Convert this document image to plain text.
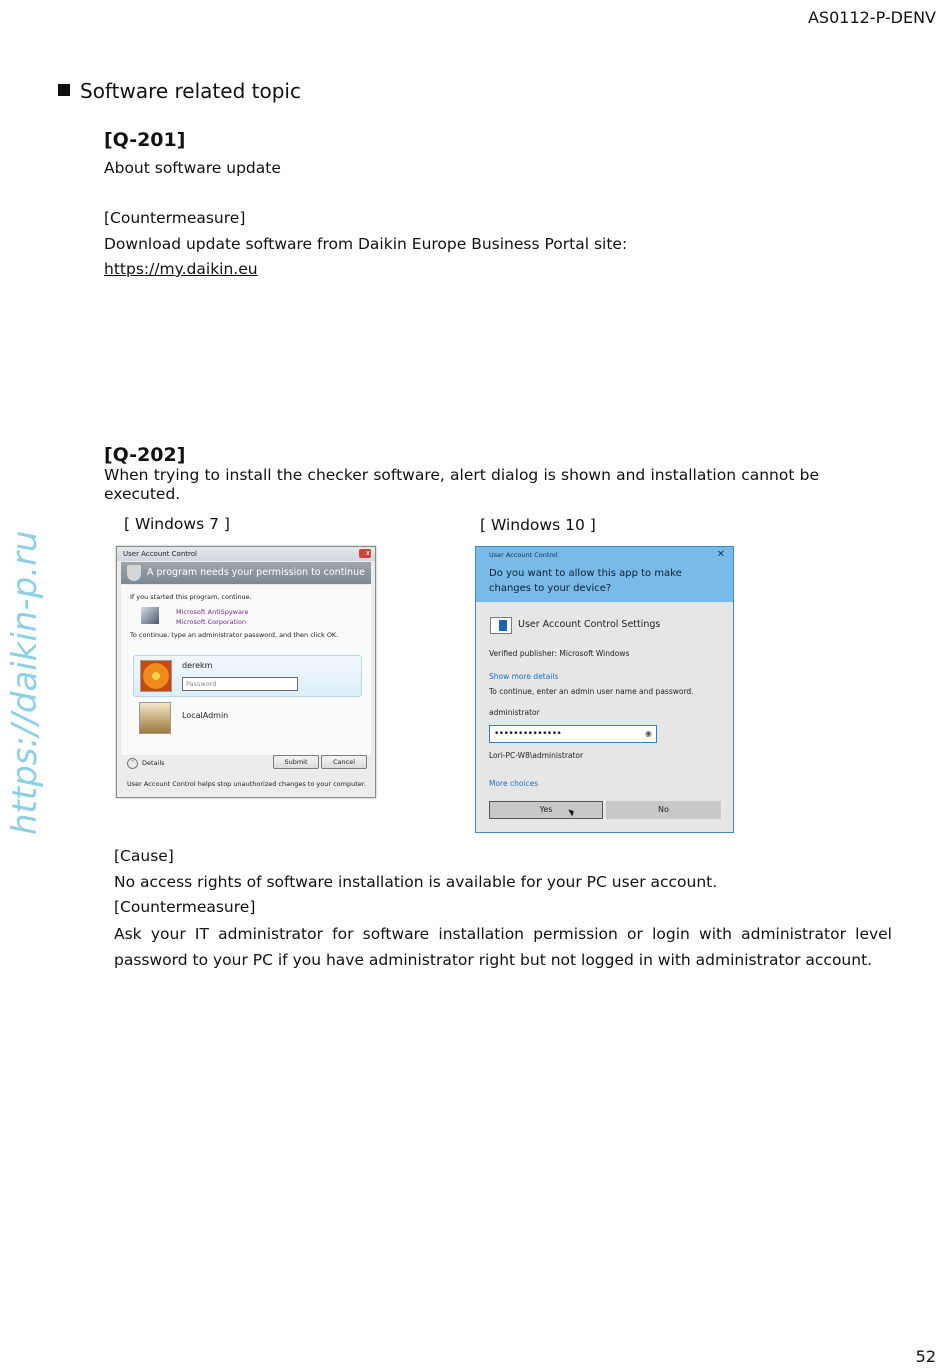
AS0112-P-DENV
https://daikin-p.ru
Software related topic
[Q-201]
About software update
[Countermeasure]
Download update software from Daikin Europe Business Portal site:
https://my.daikin.eu
[Q-202]
When trying to install the checker software, alert dialog is shown and installation cannot be executed.
[ Windows 7 ]	[ Windows 10 ]
User Account Control	x
A program needs your permission to continue
If you started this program, continue.
Microsoft AntiSpyware
Microsoft Corporation
To continue, type an administrator password, and then click OK.
derekm
Password
LocalAdmin
˅	Details	Submit	Cancel
User Account Control helps stop unauthorized changes to your computer.
User Account Control	✕
Do you want to allow this app to make changes to your device?
User Account Control Settings
Verified publisher: Microsoft Windows
Show more details
To continue, enter an admin user name and password.
administrator
••••••••••••••	◉
Lori-PC-W8\administrator
More choices
Yes	No
[Cause]
No access rights of software installation is available for your PC user account.
[Countermeasure]
Ask your IT administrator for software installation permission or login with administrator level password to your PC if you have administrator right but not logged in with administrator account.
52
